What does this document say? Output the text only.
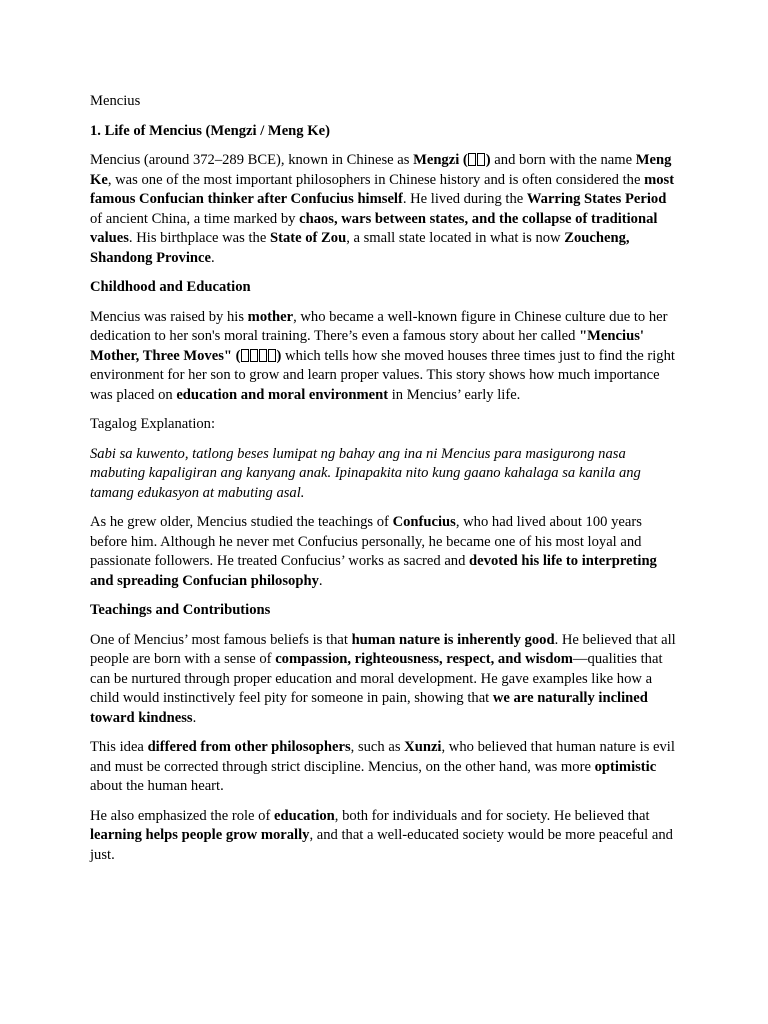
Mencius

1. Life of Mencius (Mengzi / Meng Ke)

Mencius (around 372–289 BCE), known in Chinese as Mengzi ( ) and born with the name Meng Ke, was one of the most important philosophers in Chinese history and is often considered the most famous Confucian thinker after Confucius himself. He lived during the Warring States Period of ancient China, a time marked by chaos, wars between states, and the collapse of traditional values. His birthplace was the State of Zou, a small state located in what is now Zoucheng, Shandong Province.

Childhood and Education

Mencius was raised by his mother, who became a well-known figure in Chinese culture due to her dedication to her son's moral training. There’s even a famous story about her called "Mencius' Mother, Three Moves" ( ) which tells how she moved houses three times just to find the right environment for her son to grow and learn proper values. This story shows how much importance was placed on education and moral environment in Mencius’ early life.

Tagalog Explanation:

Sabi sa kuwento, tatlong beses lumipat ng bahay ang ina ni Mencius para masigurong nasa mabuting kapaligiran ang kanyang anak. Ipinapakita nito kung gaano kahalaga sa kanila ang tamang edukasyon at mabuting asal.

As he grew older, Mencius studied the teachings of Confucius, who had lived about 100 years before him. Although he never met Confucius personally, he became one of his most loyal and passionate followers. He treated Confucius’ works as sacred and devoted his life to interpreting and spreading Confucian philosophy.

Teachings and Contributions

One of Mencius’ most famous beliefs is that human nature is inherently good. He believed that all people are born with a sense of compassion, righteousness, respect, and wisdom—qualities that can be nurtured through proper education and moral development. He gave examples like how a child would instinctively feel pity for someone in pain, showing that we are naturally inclined toward kindness.

This idea differed from other philosophers, such as Xunzi, who believed that human nature is evil and must be corrected through strict discipline. Mencius, on the other hand, was more optimistic about the human heart.

He also emphasized the role of education, both for individuals and for society. He believed that learning helps people grow morally, and that a well-educated society would be more peaceful and just.
